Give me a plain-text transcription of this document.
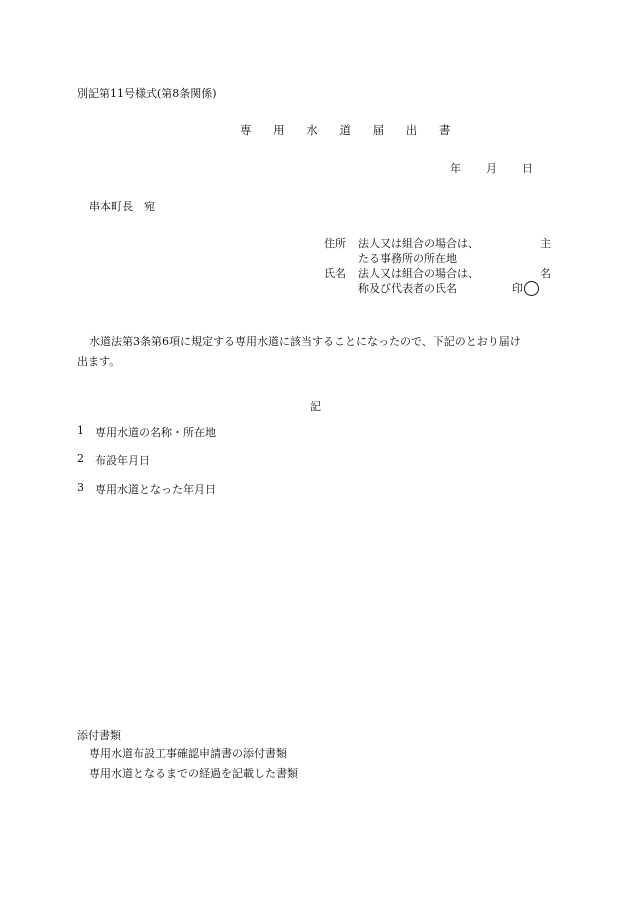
別記第11号様式(第8条関係)
専 用 水 道 届 出 書
年 月 日
串本町長　宛
住所 法人又は組合の場合は、	主
たる事務所の所在地
氏名 法人又は組合の場合は、	名
称及び代表者の氏名	印
水道法第3条第6項に規定する専用水道に該当することになったので、下記のとおり届け
出ます。
記
1 専用水道の名称・所在地
2 布設年月日
3 専用水道となった年月日
添付書類
専用水道布設工事確認申請書の添付書類
専用水道となるまでの経過を記載した書類
